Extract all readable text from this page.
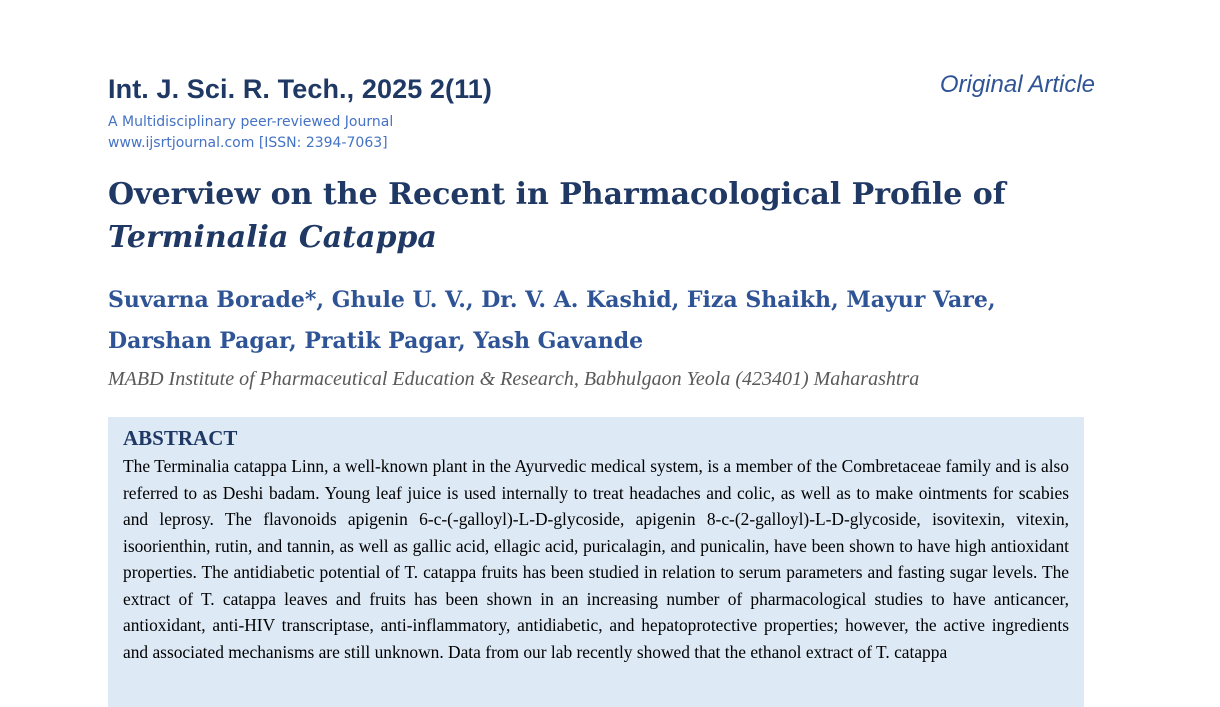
Int. J. Sci. R. Tech., 2025 2(11)	Original Article
A Multidisciplinary peer-reviewed Journal
www.ijsrtjournal.com [ISSN: 2394-7063]
Overview on the Recent in Pharmacological Profile of
Terminalia Catappa
Suvarna Borade*, Ghule U. V., Dr. V. A. Kashid, Fiza Shaikh, Mayur Vare,
Darshan Pagar, Pratik Pagar, Yash Gavande
MABD Institute of Pharmaceutical Education & Research, Babhulgaon Yeola (423401) Maharashtra
ABSTRACT

The Terminalia catappa Linn, a well-known plant in the Ayurvedic medical system, is a member of the Combretaceae family and is also referred to as Deshi badam. Young leaf juice is used internally to treat headaches and colic, as well as to make ointments for scabies and leprosy. The flavonoids apigenin 6-c-(-galloyl)-L-D-glycoside, apigenin 8-c-(2-galloyl)-L-D-glycoside, isovitexin, vitexin, isoorienthin, rutin, and tannin, as well as gallic acid, ellagic acid, puricalagin, and punicalin, have been shown to have high antioxidant properties. The antidiabetic potential of T. catappa fruits has been studied in relation to serum parameters and fasting sugar levels. The extract of T. catappa leaves and fruits has been shown in an increasing number of pharmacological studies to have anticancer, antioxidant, anti-HIV transcriptase, anti-inflammatory, antidiabetic, and hepatoprotective properties; however, the active ingredients and associated mechanisms are still unknown. Data from our lab recently showed that the ethanol extract of T. catappa
